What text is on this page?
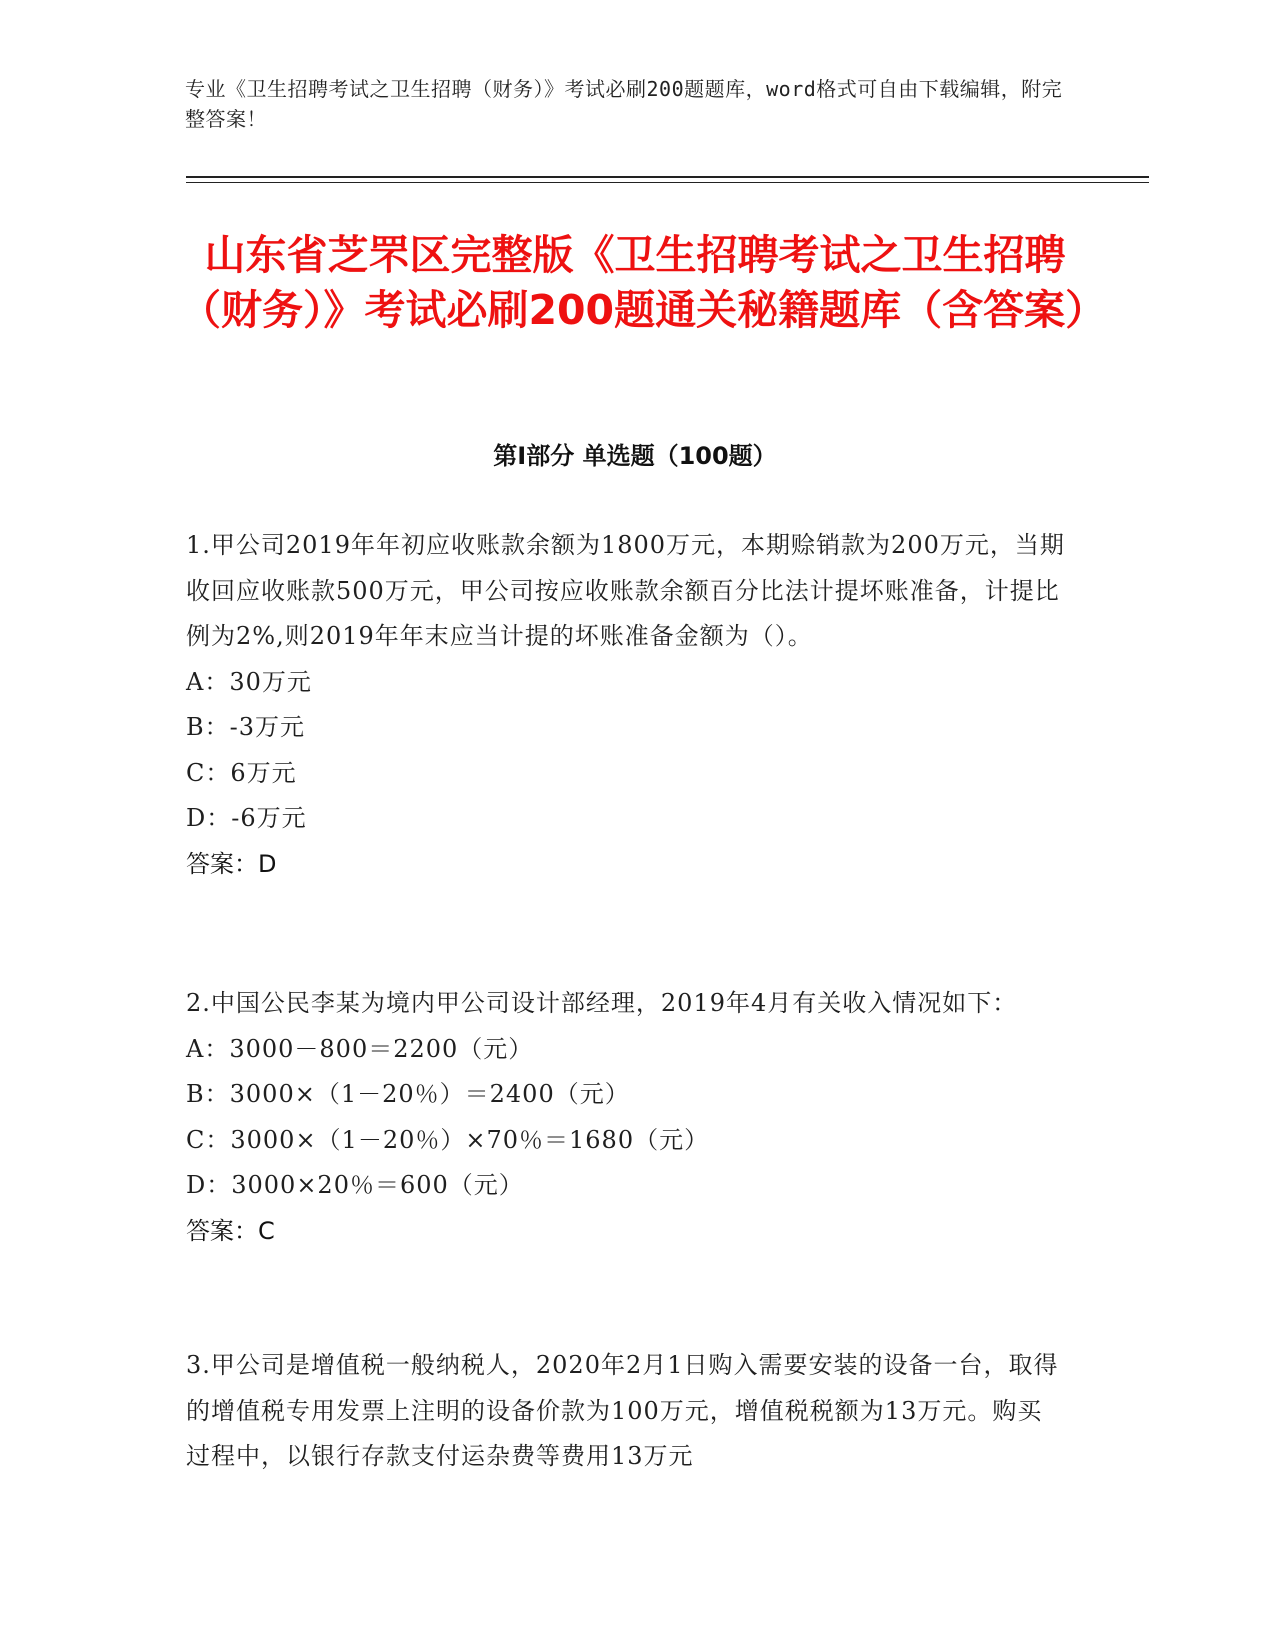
专业《卫生招聘考试之卫生招聘（财务）》考试必刷200题题库，word格式可自由下载编辑，附完整答案！
山东省芝罘区完整版《卫生招聘考试之卫生招聘（财务）》考试必刷200题通关秘籍题库（含答案）
第Ⅰ部分 单选题（100题）
1.甲公司2019年年初应收账款余额为1800万元，本期赊销款为200万元，当期收回应收账款500万元，甲公司按应收账款余额百分比法计提坏账准备，计提比例为2%,则2019年年末应当计提的坏账准备金额为（）。
A：30万元
B：-3万元
C：6万元
D：-6万元
答案：D
2.中国公民李某为境内甲公司设计部经理，2019年4月有关收入情况如下：
A：3000－800＝2200（元）
B：3000×（1－20％）＝2400（元）
C：3000×（1－20％）×70％＝1680（元）
D：3000×20％＝600（元）
答案：C
3.甲公司是增值税一般纳税人，2020年2月1日购入需要安装的设备一台，取得的增值税专用发票上注明的设备价款为100万元，增值税税额为13万元。购买过程中，以银行存款支付运杂费等费用13万元
